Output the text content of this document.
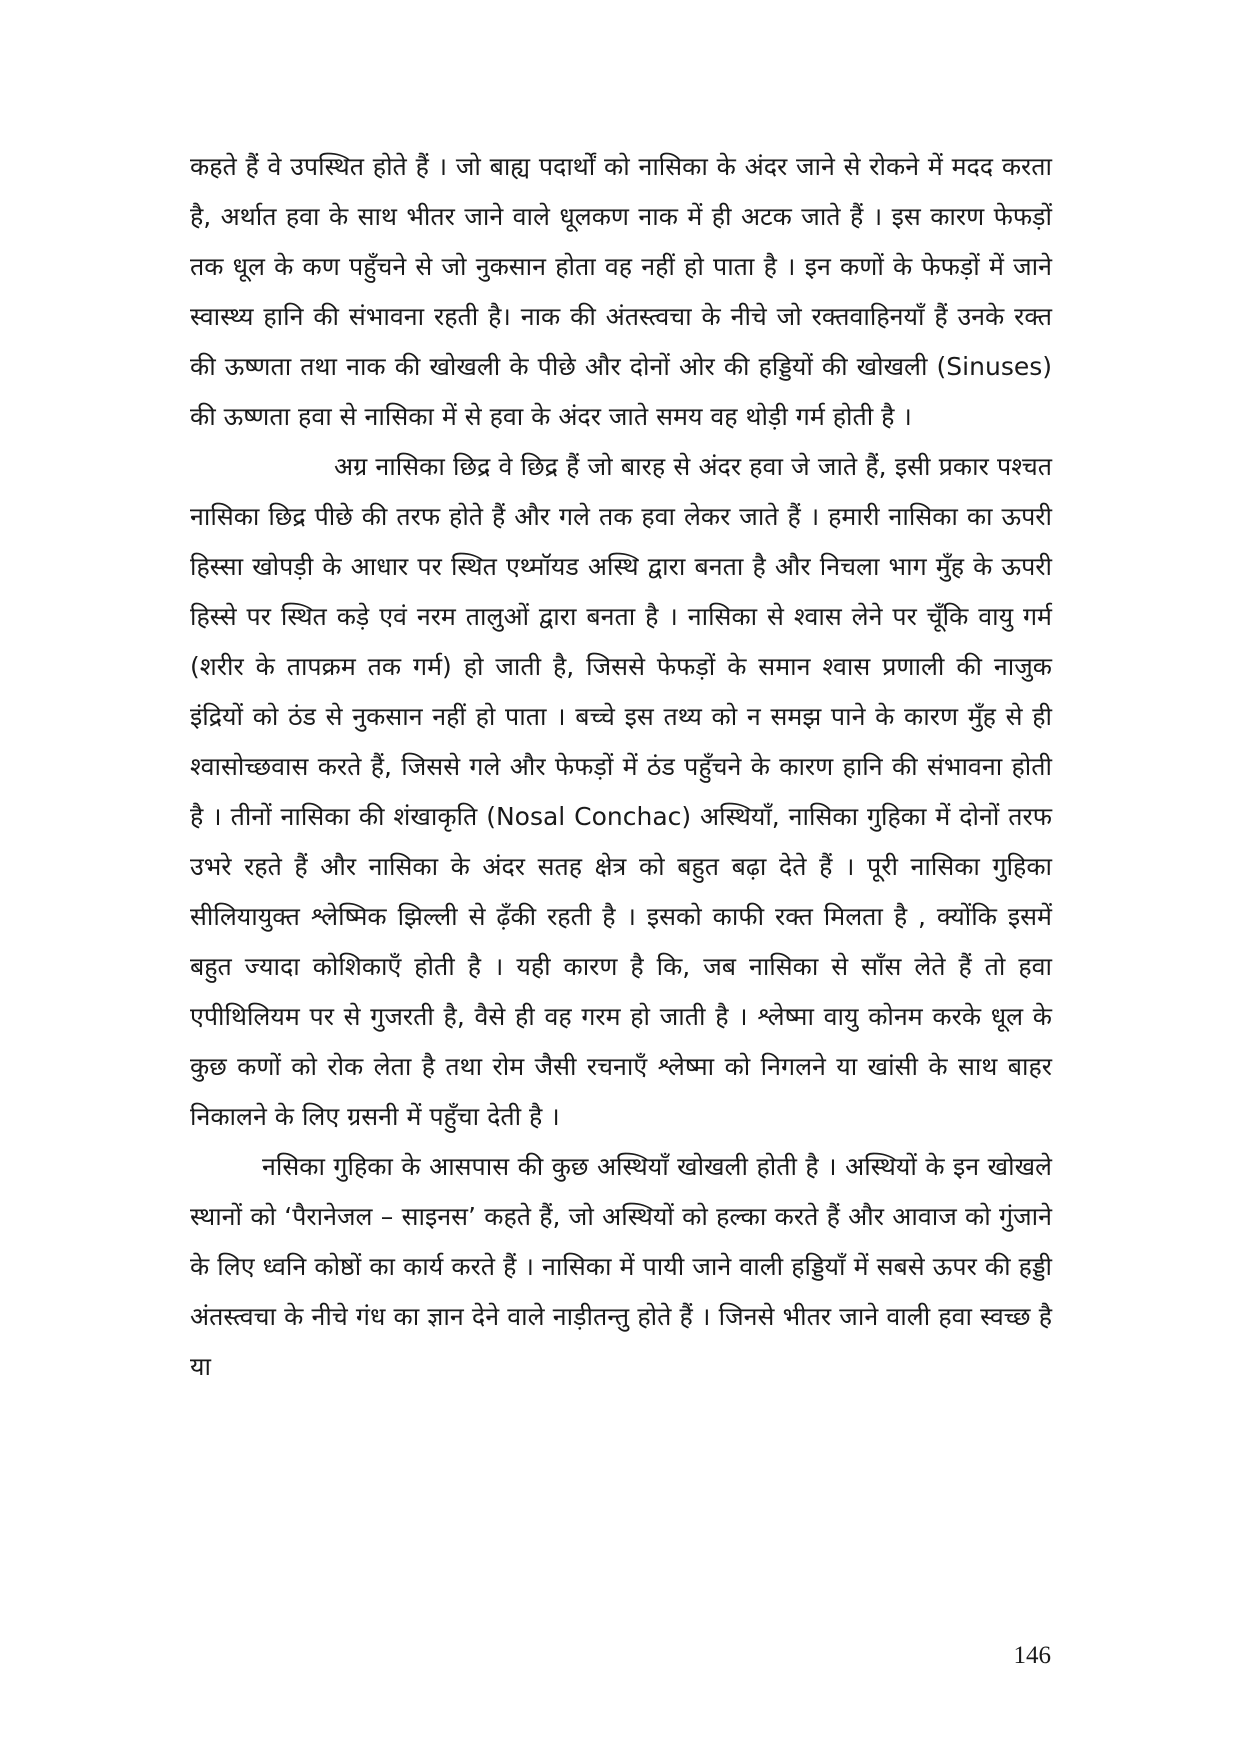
कहते हैं वे उपस्थित होते हैं । जो बाह्य पदार्थों को नासिका के अंदर जाने से रोकने में मदद करता है, अर्थात हवा के साथ भीतर जाने वाले धूलकण नाक में ही अटक जाते हैं । इस कारण फेफड़ों तक धूल के कण पहुँचने से जो नुकसान होता वह नहीं हो पाता है । इन कणों के फेफड़ों में जाने स्वास्थ्य हानि की संभावना रहती है। नाक की अंतस्त्वचा के नीचे जो रक्तवाहिनयॉं हैं उनके रक्त की ऊष्णता तथा नाक की खोखली के पीछे और दोनों ओर की हड्डियों की खोखली (Sinuses) की ऊष्णता हवा से नासिका में से हवा के अंदर जाते समय वह थोड़ी गर्म होती है ।

अग्र नासिका छिद्र वे छिद्र हैं जो बारह से अंदर हवा जे जाते हैं, इसी प्रकार पश्चत नासिका छिद्र पीछे की तरफ होते हैं और गले तक हवा लेकर जाते हैं । हमारी नासिका का ऊपरी हिस्सा खोपड़ी के आधार पर स्थित एथ्मॉयड अस्थि द्वारा बनता है और निचला भाग मुँह के ऊपरी हिस्से पर स्थित कड़े एवं नरम तालुओं द्वारा बनता है । नासिका से श्वास लेने पर चूँकि वायु गर्म (शरीर के तापक्रम तक गर्म) हो जाती है, जिससे फेफड़ों के समान श्वास प्रणाली की नाजुक इंद्रियों को ठंड से नुकसान नहीं हो पाता । बच्चे इस तथ्य को न समझ पाने के कारण मुँह से ही श्वासोच्छवास करते हैं, जिससे गले और फेफड़ों में ठंड पहुँचने के कारण हानि की संभावना होती है । तीनों नासिका की शंखाकृति (Nosal Conchac) अस्थियॉं, नासिका गुहिका में दोनों तरफ उभरे रहते हैं और नासिका के अंदर सतह क्षेत्र को बहुत बढ़ा देते हैं । पूरी नासिका गुहिका सीलियायुक्त श्लेष्मिक झिल्ली से ढ़ँकी रहती है । इसको काफी रक्त मिलता है , क्योंकि इसमें बहुत ज्यादा कोशिकाऍं होती है । यही कारण है कि, जब नासिका से सॉंस लेते हैं तो हवा एपीथिलियम पर से गुजरती है, वैसे ही वह गरम हो जाती है । श्लेष्मा वायु कोनम करके धूल के कुछ कणों को रोक लेता है तथा रोम जैसी रचनाऍं श्लेष्मा को निगलने या खांसी के साथ बाहर निकालने के लिए ग्रसनी में पहुँचा देती है ।

नसिका गुहिका के आसपास की कुछ अस्थियॉं खोखली होती है । अस्थियों के इन खोखले स्थानों को ‘पैरानेजल – साइनस’ कहते हैं, जो अस्थियों को हल्का करते हैं और आवाज को गुंजाने के लिए ध्वनि कोष्ठों का कार्य करते हैं । नासिका में पायी जाने वाली हड्डियॉं में सबसे ऊपर की हड्डी अंतस्त्वचा के नीचे गंध का ज्ञान देने वाले नाड़ीतन्तु होते हैं । जिनसे भीतर जाने वाली हवा स्वच्छ है या

146
